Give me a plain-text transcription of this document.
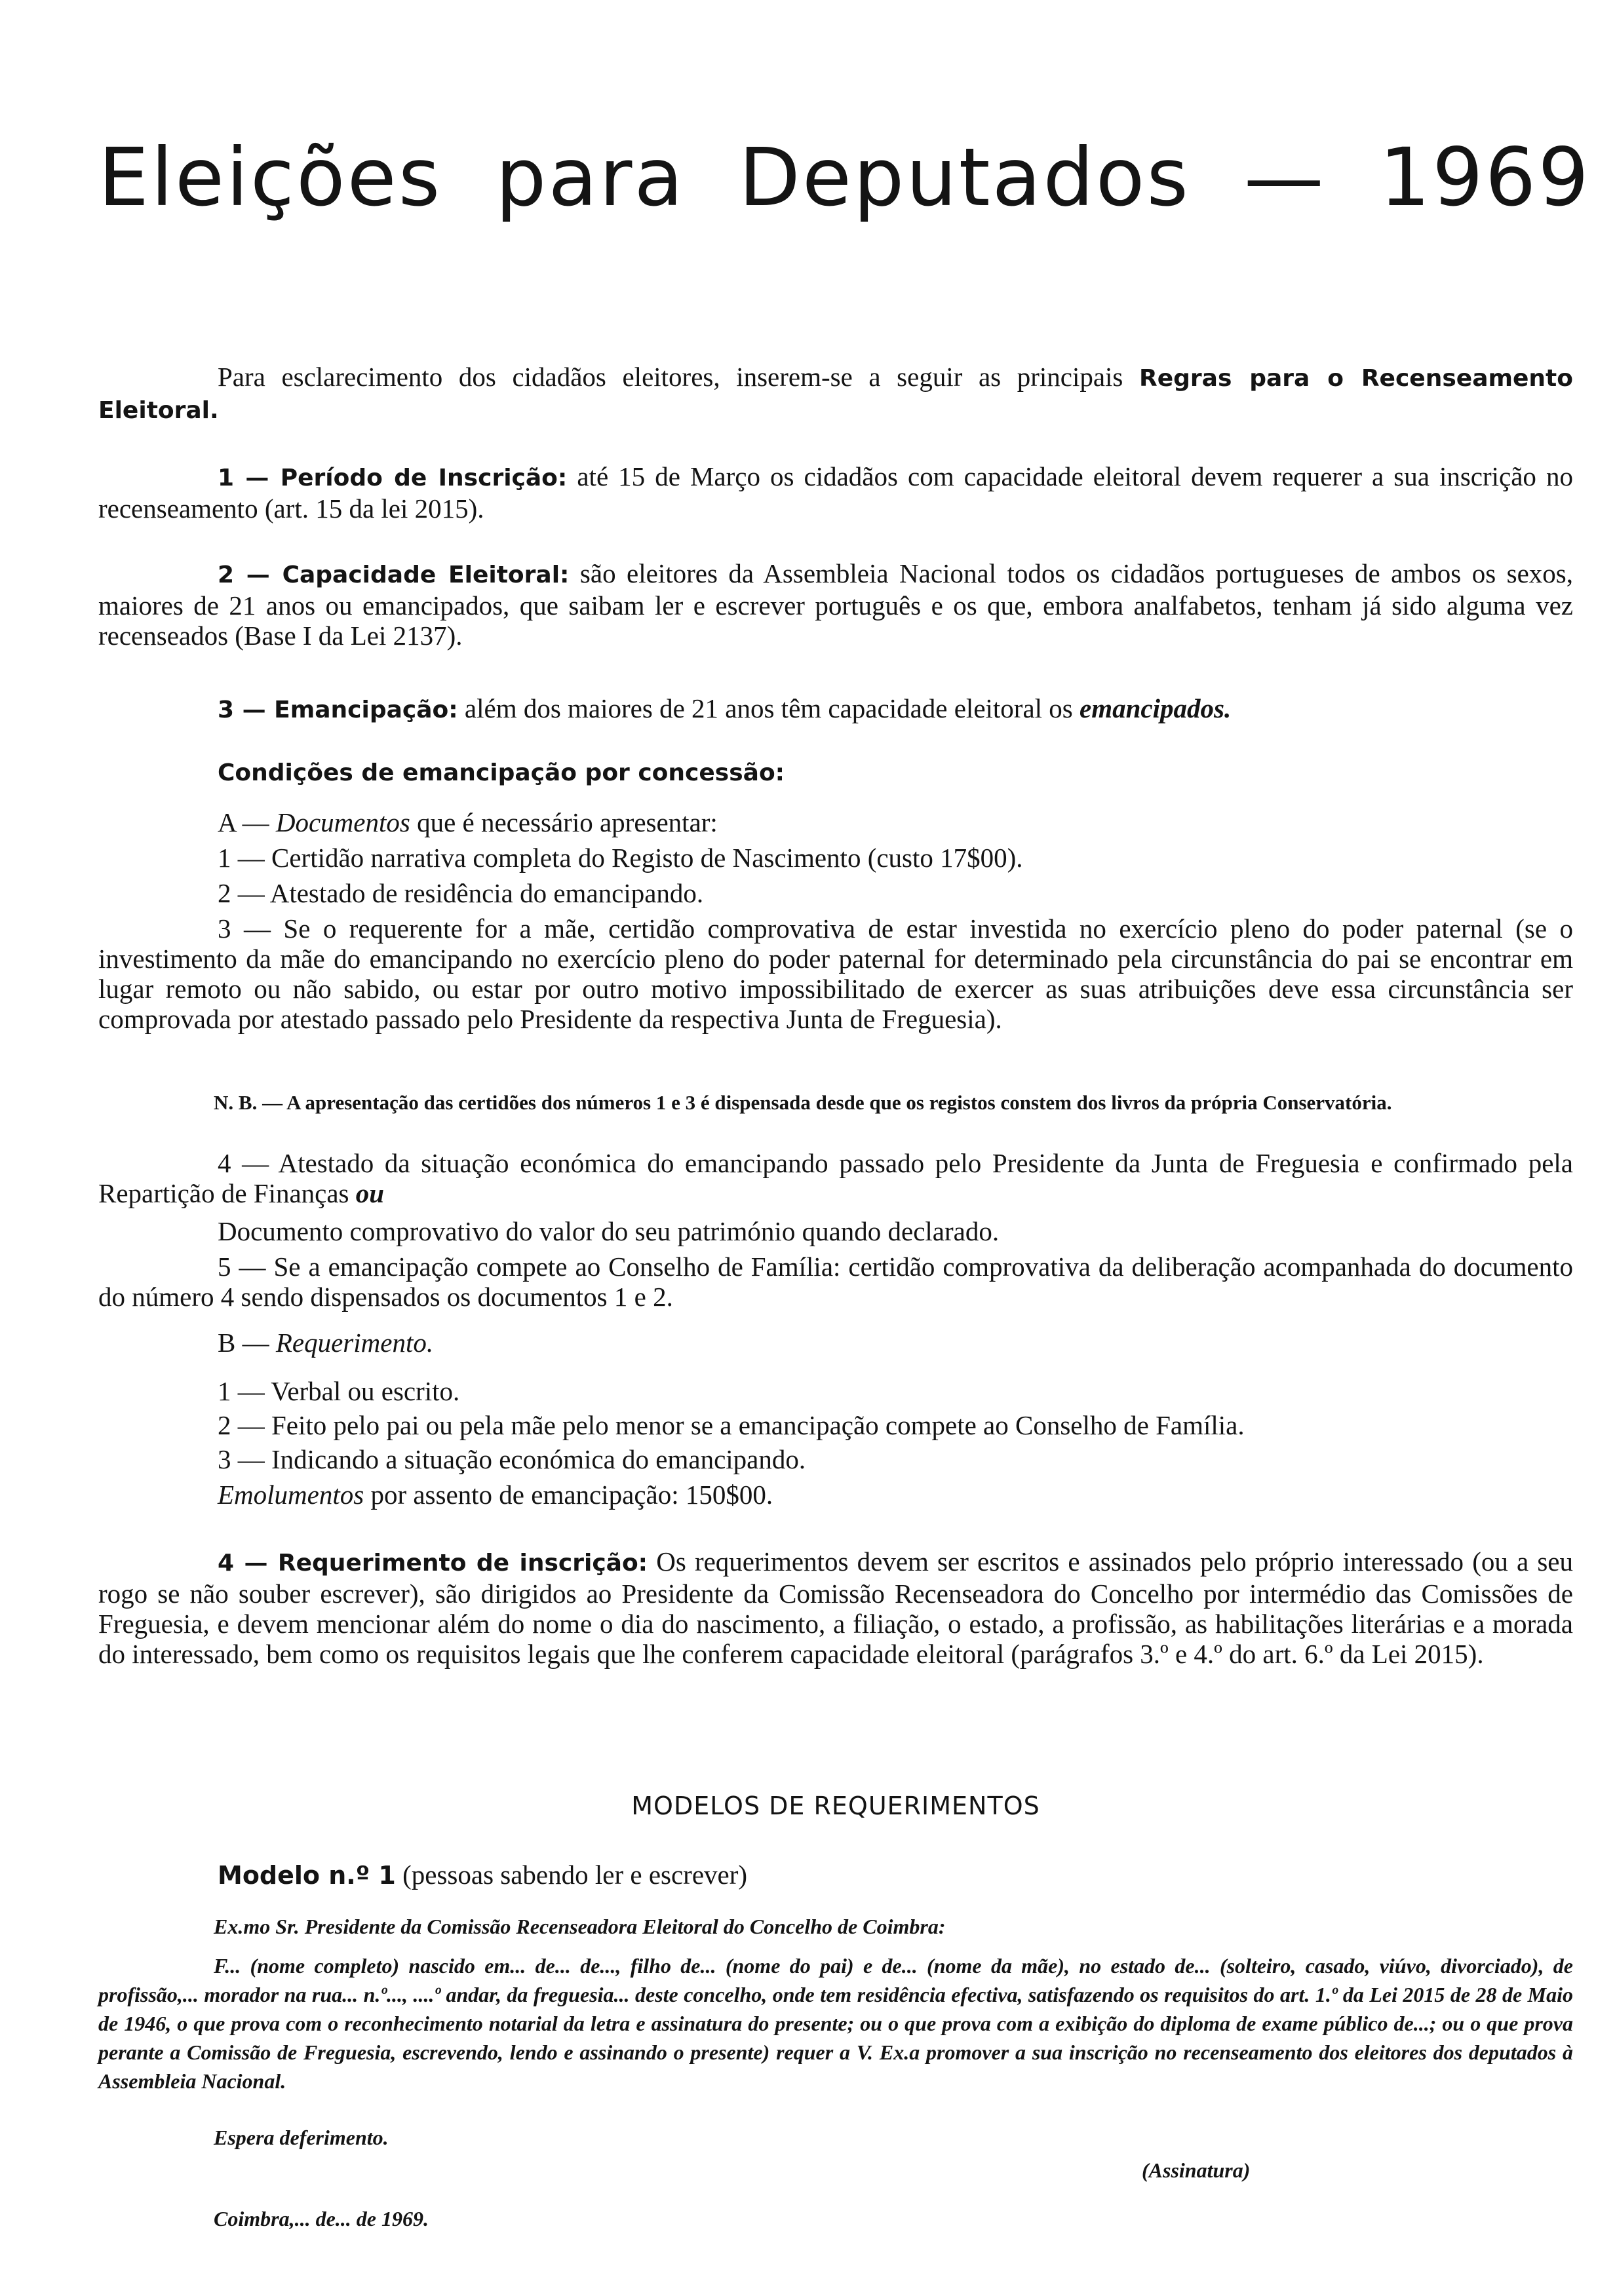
Eleições para Deputados — 1969

Para esclarecimento dos cidadãos eleitores, inserem-se a seguir as principais Regras para o Recenseamento Eleitoral.

1 — Período de Inscrição: até 15 de Março os cidadãos com capacidade eleitoral devem requerer a sua inscrição no recenseamento (art. 15 da lei 2015).

2 — Capacidade Eleitoral: são eleitores da Assembleia Nacional todos os cidadãos portugueses de ambos os sexos, maiores de 21 anos ou emancipados, que saibam ler e escrever português e os que, embora analfabetos, tenham já sido alguma vez recenseados (Base I da Lei 2137).

3 — Emancipação: além dos maiores de 21 anos têm capacidade eleitoral os emancipados.

Condições de emancipação por concessão:

A — Documentos que é necessário apresentar:

1 — Certidão narrativa completa do Registo de Nascimento (custo 17$00).

2 — Atestado de residência do emancipando.

3 — Se o requerente for a mãe, certidão comprovativa de estar investida no exercício pleno do poder paternal (se o investimento da mãe do emancipando no exercício pleno do poder paternal for determinado pela circunstância do pai se encontrar em lugar remoto ou não sabido, ou estar por outro motivo impossibilitado de exercer as suas atribuições deve essa circunstância ser comprovada por atestado passado pelo Presidente da respectiva Junta de Freguesia).

N. B. — A apresentação das certidões dos números 1 e 3 é dispensada desde que os registos constem dos livros da própria Conservatória.

4 — Atestado da situação económica do emancipando passado pelo Presidente da Junta de Freguesia e confirmado pela Repartição de Finanças ou

Documento comprovativo do valor do seu património quando declarado.

5 — Se a emancipação compete ao Conselho de Família: certidão comprovativa da deliberação acompanhada do documento do número 4 sendo dispensados os documentos 1 e 2.

B — Requerimento.

1 — Verbal ou escrito.

2 — Feito pelo pai ou pela mãe pelo menor se a emancipação compete ao Conselho de Família.

3 — Indicando a situação económica do emancipando.

Emolumentos por assento de emancipação: 150$00.

4 — Requerimento de inscrição: Os requerimentos devem ser escritos e assinados pelo próprio interessado (ou a seu rogo se não souber escrever), são dirigidos ao Presidente da Comissão Recenseadora do Concelho por intermédio das Comissões de Freguesia, e devem mencionar além do nome o dia do nascimento, a filiação, o estado, a profissão, as habilitações literárias e a morada do interessado, bem como os requisitos legais que lhe conferem capacidade eleitoral (parágrafos 3.º e 4.º do art. 6.º da Lei 2015).

MODELOS DE REQUERIMENTOS

Modelo n.º 1 (pessoas sabendo ler e escrever)

Ex.mo Sr. Presidente da Comissão Recenseadora Eleitoral do Concelho de Coimbra:

F... (nome completo) nascido em... de... de..., filho de... (nome do pai) e de... (nome da mãe), no estado de... (solteiro, casado, viúvo, divorciado), de profissão,... morador na rua... n.º..., ....º andar, da freguesia... deste concelho, onde tem residência efectiva, satisfazendo os requisitos do art. 1.º da Lei 2015 de 28 de Maio de 1946, o que prova com o reconhecimento notarial da letra e assinatura do presente; ou o que prova com a exibição do diploma de exame público de...; ou o que prova perante a Comissão de Freguesia, escrevendo, lendo e assinando o presente) requer a V. Ex.a promover a sua inscrição no recenseamento dos eleitores dos deputados à Assembleia Nacional.

Espera deferimento.

(Assinatura)

Coimbra,... de... de 1969.
